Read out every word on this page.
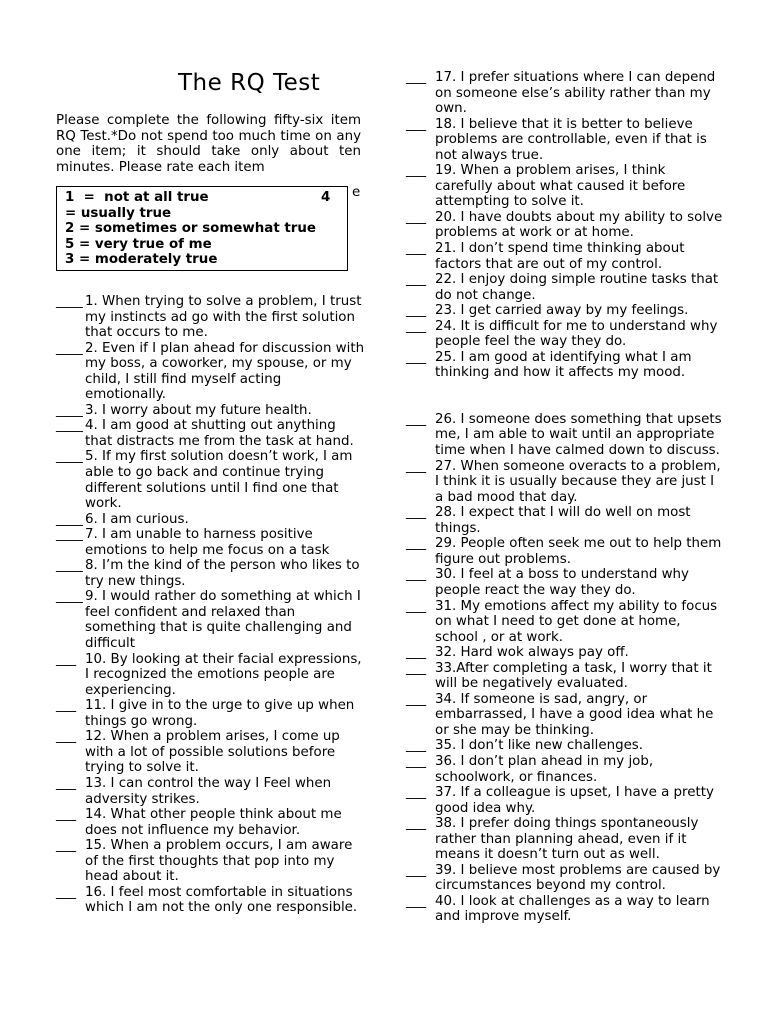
The RQ Test

Please complete the following fifty-six item RQ Test.*Do not spend too much time on any one item; it should take only about ten minutes. Please rate each item

e
1  =  not at all true	4
= usually true
2 = sometimes or somewhat true
5 = very true of me
3 = moderately true
____ 1. When trying to solve a problem, I trust my instincts ad go with the first solution that occurs to me.
____ 2. Even if I plan ahead for discussion with my boss, a coworker, my spouse, or my child, I still find myself acting emotionally.
____ 3. I worry about my future health.
____ 4. I am good at shutting out anything that distracts me from the task at hand.
____ 5. If my first solution doesn’t work, I am able to go back and continue trying different solutions until I find one that work.
____ 6. I am curious.
____ 7. I am unable to harness positive emotions to help me focus on a task
____ 8. I’m the kind of the person who likes to try new things.
____ 9. I would rather do something at which I feel confident and relaxed than something that is quite challenging and difficult
___ 10. By looking at their facial expressions, I recognized the emotions people are experiencing.
___ 11. I give in to the urge to give up when things go wrong.
___ 12. When a problem arises, I come up with a lot of possible solutions before trying to solve it.
___ 13. I can control the way I Feel when adversity strikes.
___ 14. What other people think about me does not influence my behavior.
___ 15. When a problem occurs, I am aware of the first thoughts that pop into my head about it.
___ 16. I feel most comfortable in situations which I am not the only one responsible.
___ 17. I prefer situations where I can depend on someone else’s ability rather than my own.
___ 18. I believe that it is better to believe problems are controllable, even if that is not always true.
___ 19. When a problem arises, I think carefully about what caused it before attempting to solve it.
___ 20. I have doubts about my ability to solve problems at work or at home.
___ 21. I don’t spend time thinking about factors that are out of my control.
___ 22. I enjoy doing simple routine tasks that do not change.
___ 23. I get carried away by my feelings.
___ 24. It is difficult for me to understand why people feel the way they do.
___ 25. I am good at identifying what I am thinking and how it affects my mood.
___ 26. I someone does something that upsets me, I am able to wait until an appropriate time when I have calmed down to discuss.
___ 27. When someone overacts to a problem, I think it is usually because they are just I a bad mood that day.
___ 28. I expect that I will do well on most things.
___ 29. People often seek me out to help them figure out problems.
___ 30. I feel at a boss to understand why people react the way they do.
___ 31. My emotions affect my ability to focus on what I need to get done at home, school , or at work.
___ 32. Hard wok always pay off.
___ 33.After completing a task, I worry that it will be negatively evaluated.
___ 34. If someone is sad, angry, or embarrassed, I have a good idea what he or she may be thinking.
___ 35. I don’t like new challenges.
___ 36. I don’t plan ahead in my job, schoolwork, or finances.
___ 37. If a colleague is upset, I have a pretty good idea why.
___ 38. I prefer doing things spontaneously rather than planning ahead, even if it means it doesn’t turn out as well.
___ 39. I believe most problems are caused by circumstances beyond my control.
___ 40. I look at challenges as a way to learn and improve myself.
